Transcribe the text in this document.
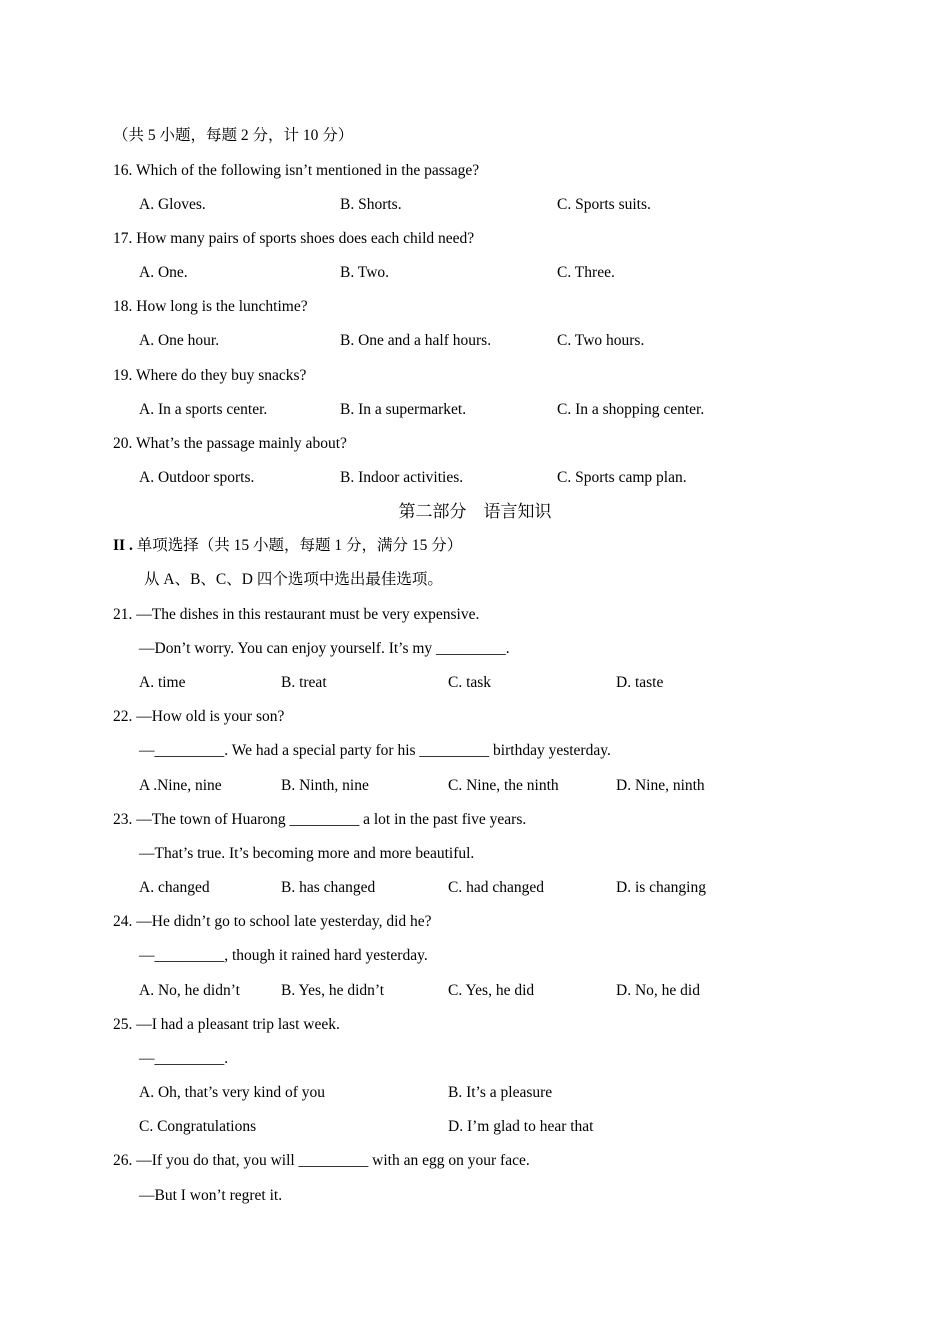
（共 5 小题，每题 2 分，计 10 分）
16. Which of the following isn’t mentioned in the passage?
A. Gloves.	B. Shorts.	C. Sports suits.
17. How many pairs of sports shoes does each child need?
A. One.	B. Two.	C. Three.
18. How long is the lunchtime?
A. One hour.	B. One and a half hours.	C. Two hours.
19. Where do they buy snacks?
A. In a sports center.	B. In a supermarket.	C. In a shopping center.
20. What’s the passage mainly about?
A. Outdoor sports.	B. Indoor activities.	C. Sports camp plan.
第二部分　语言知识
II . 单项选择（共 15 小题，每题 1 分，满分 15 分）
从 A、B、C、D 四个选项中选出最佳选项。
21. —The dishes in this restaurant must be very expensive.
—Don’t worry. You can enjoy yourself. It’s my _________.
A. time	B. treat	C. task	D. taste
22. —How old is your son?
—_________. We had a special party for his _________ birthday yesterday.
A .Nine, nine	B. Ninth, nine	C. Nine, the ninth	D. Nine, ninth
23. —The town of Huarong _________ a lot in the past five years.
—That’s true. It’s becoming more and more beautiful.
A. changed	B. has changed	C. had changed	D. is changing
24. —He didn’t go to school late yesterday, did he?
—_________, though it rained hard yesterday.
A. No, he didn’t	B. Yes, he didn’t	C. Yes, he did	D. No, he did
25. —I had a pleasant trip last week.
—_________.
A. Oh, that’s very kind of you	B. It’s a pleasure
C. Congratulations	D. I’m glad to hear that
26. —If you do that, you will _________ with an egg on your face.
—But I won’t regret it.
